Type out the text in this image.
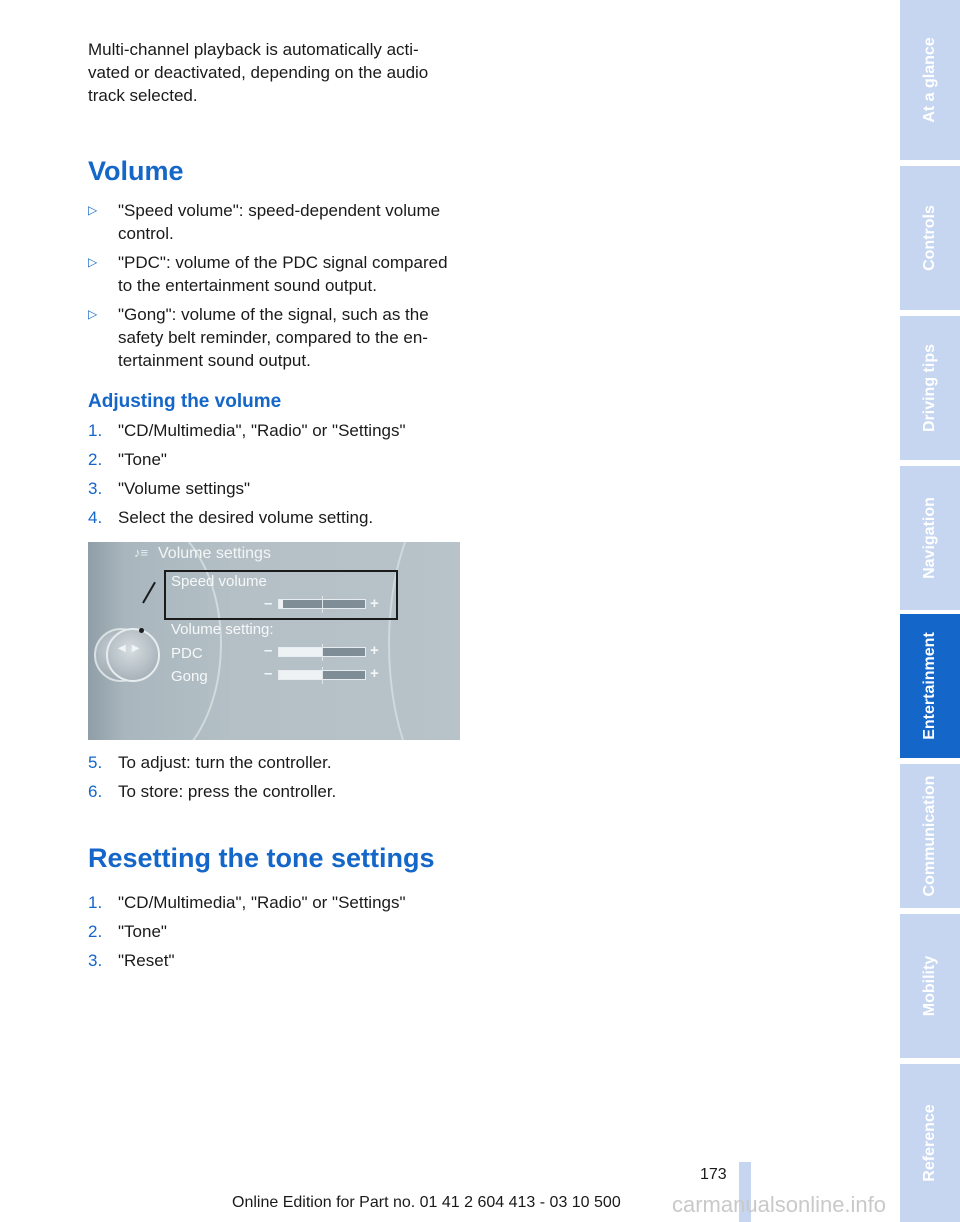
Multi-channel playback is automatically acti-

vated or deactivated, depending on the audio

track selected.

Volume
▷ "Speed volume": speed-dependent volume
control.
▷ "PDC": volume of the PDC signal compared
to the entertainment sound output.
▷ "Gong": volume of the signal, such as the
safety belt reminder, compared to the en-
tertainment sound output.
Adjusting the volume
1. "CD/Multimedia", "Radio" or "Settings"
2. "Tone"
3. "Volume settings"
4. Select the desired volume setting.
♪≡ Volume settings
Speed volume
–	+
Volume setting:
PDC	–	+
Gong	–	+
◀▶
5. To adjust: turn the controller.
6. To store: press the controller.
Resetting the tone settings
1. "CD/Multimedia", "Radio" or "Settings"
2. "Tone"
3. "Reset"
At a glance
Controls
Driving tips
Navigation
Entertainment
Communication
Mobility
Reference
173
Online Edition for Part no. 01 41 2 604 413 - 03 10 500 carmanualsonline.info
